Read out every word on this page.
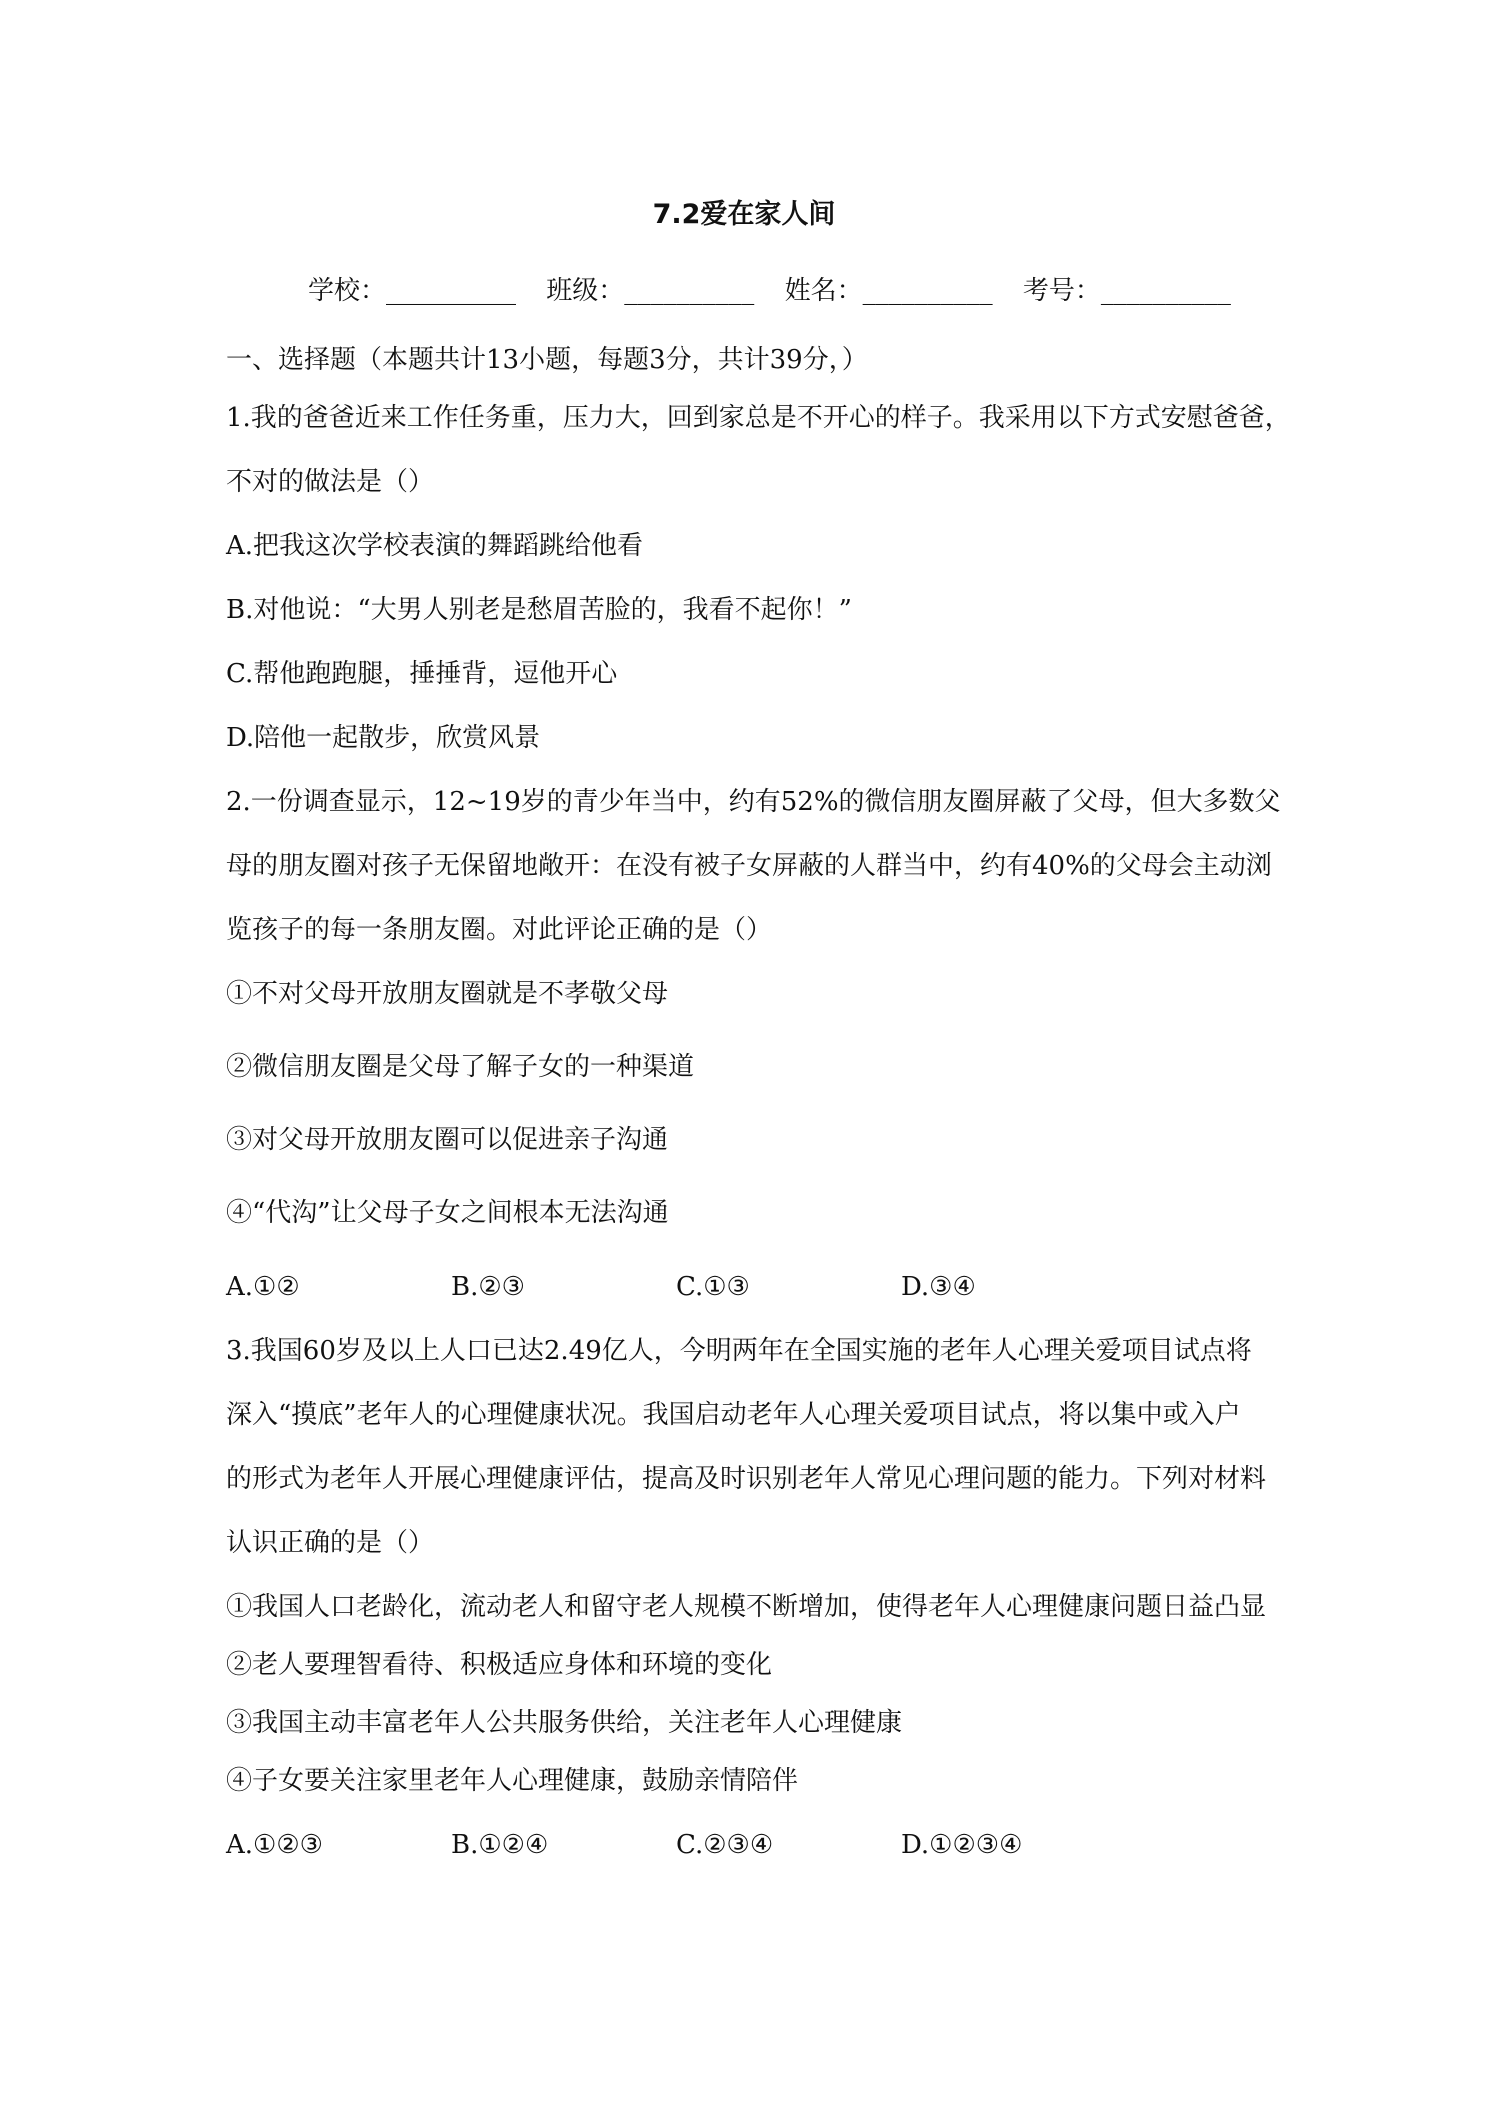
7.2爱在家人间
学校：__________ 班级：__________ 姓名：__________ 考号：__________

一、选择题（本题共计13小题，每题3分，共计39分，）

1.我的爸爸近来工作任务重，压力大，回到家总是不开心的样子。我采用以下方式安慰爸爸，

不对的做法是（）

A.把我这次学校表演的舞蹈跳给他看

B.对他说：“大男人别老是愁眉苦脸的，我看不起你！”

C.帮他跑跑腿，捶捶背，逗他开心

D.陪他一起散步，欣赏风景

2.一份调查显示，12~19岁的青少年当中，约有52%的微信朋友圈屏蔽了父母，但大多数父

母的朋友圈对孩子无保留地敞开：在没有被子女屏蔽的人群当中，约有40%的父母会主动浏

览孩子的每一条朋友圈。对此评论正确的是（）

①不对父母开放朋友圈就是不孝敬父母

②微信朋友圈是父母了解子女的一种渠道

③对父母开放朋友圈可以促进亲子沟通

④“代沟”让父母子女之间根本无法沟通

A.①②	B.②③	C.①③	D.③④

3.我国60岁及以上人口已达2.49亿人，今明两年在全国实施的老年人心理关爱项目试点将

深入“摸底”老年人的心理健康状况。我国启动老年人心理关爱项目试点，将以集中或入户

的形式为老年人开展心理健康评估，提高及时识别老年人常见心理问题的能力。下列对材料

认识正确的是（）

①我国人口老龄化，流动老人和留守老人规模不断增加，使得老年人心理健康问题日益凸显

②老人要理智看待、积极适应身体和环境的变化

③我国主动丰富老年人公共服务供给，关注老年人心理健康

④子女要关注家里老年人心理健康，鼓励亲情陪伴

A.①②③	B.①②④	C.②③④	D.①②③④
